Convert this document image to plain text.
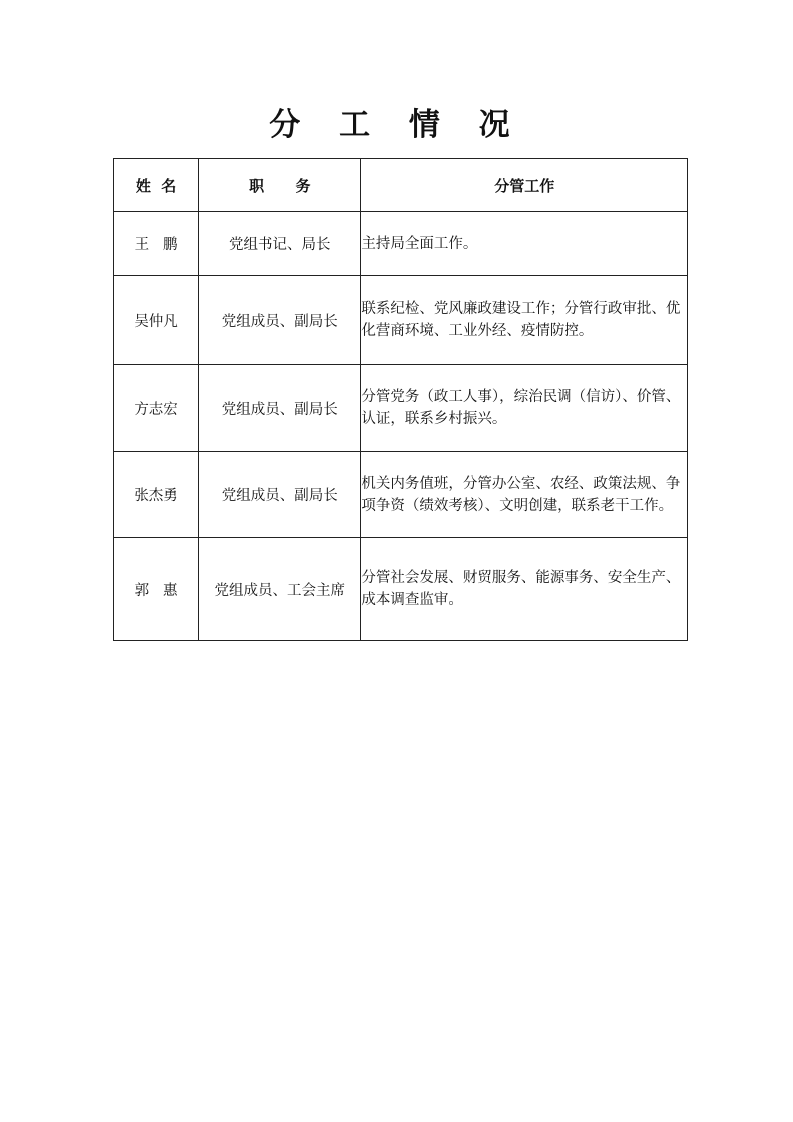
分 工 情 况
姓  名	职      务	分管工作
王   鹏	党组书记、局长	主持局全面工作。
吴仲凡	党组成员、副局长	联系纪检、党风廉政建设工作；分管行政审批、优化营商环境、工业外经、疫情防控。
方志宏	党组成员、副局长	分管党务（政工人事），综治民调（信访）、价管、认证，联系乡村振兴。
张杰勇	党组成员、副局长	机关内务值班，分管办公室、农经、政策法规、争项争资（绩效考核）、文明创建，联系老干工作。
郭   惠	党组成员、工会主席	分管社会发展、财贸服务、能源事务、安全生产、成本调查监审。
